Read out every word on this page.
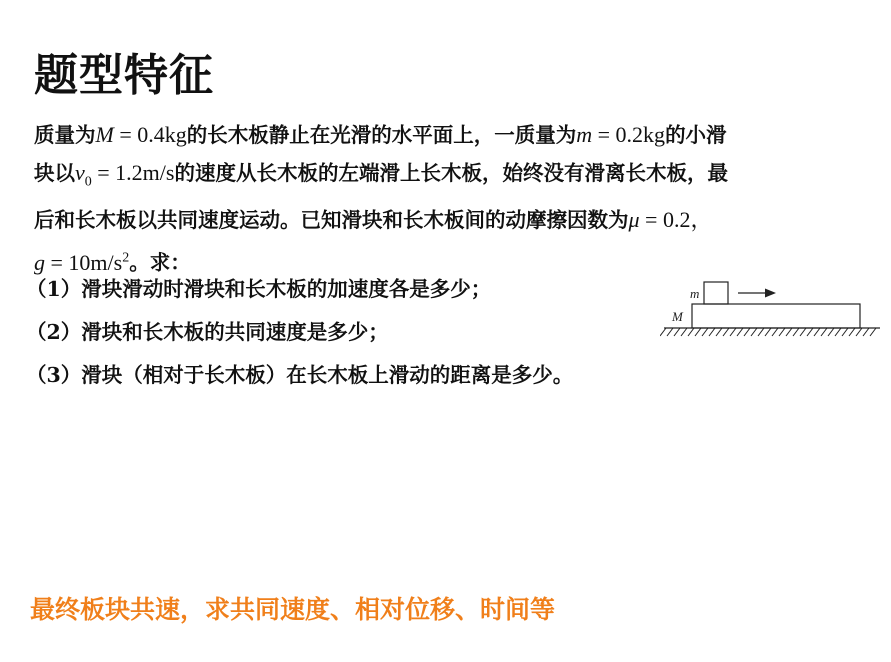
题型特征

质量为M = 0.4kg的长木板静止在光滑的水平面上，一质量为m = 0.2kg的小滑

块以$v_0 = 1.2m/s$的速度从长木板的左端滑上长木板，始终没有滑离长木板，最

后和长木板以共同速度运动。已知滑块和长木板间的动摩擦因数为μ = 0.2，

$g = 10m/s^2$。求：

（1）滑块滑动时滑块和长木板的加速度各是多少；
（2）滑块和长木板的共同速度是多少；
（3）滑块（相对于长木板）在长木板上滑动的距离是多少。
m
M
最终板块共速，求共同速度、相对位移、时间等
